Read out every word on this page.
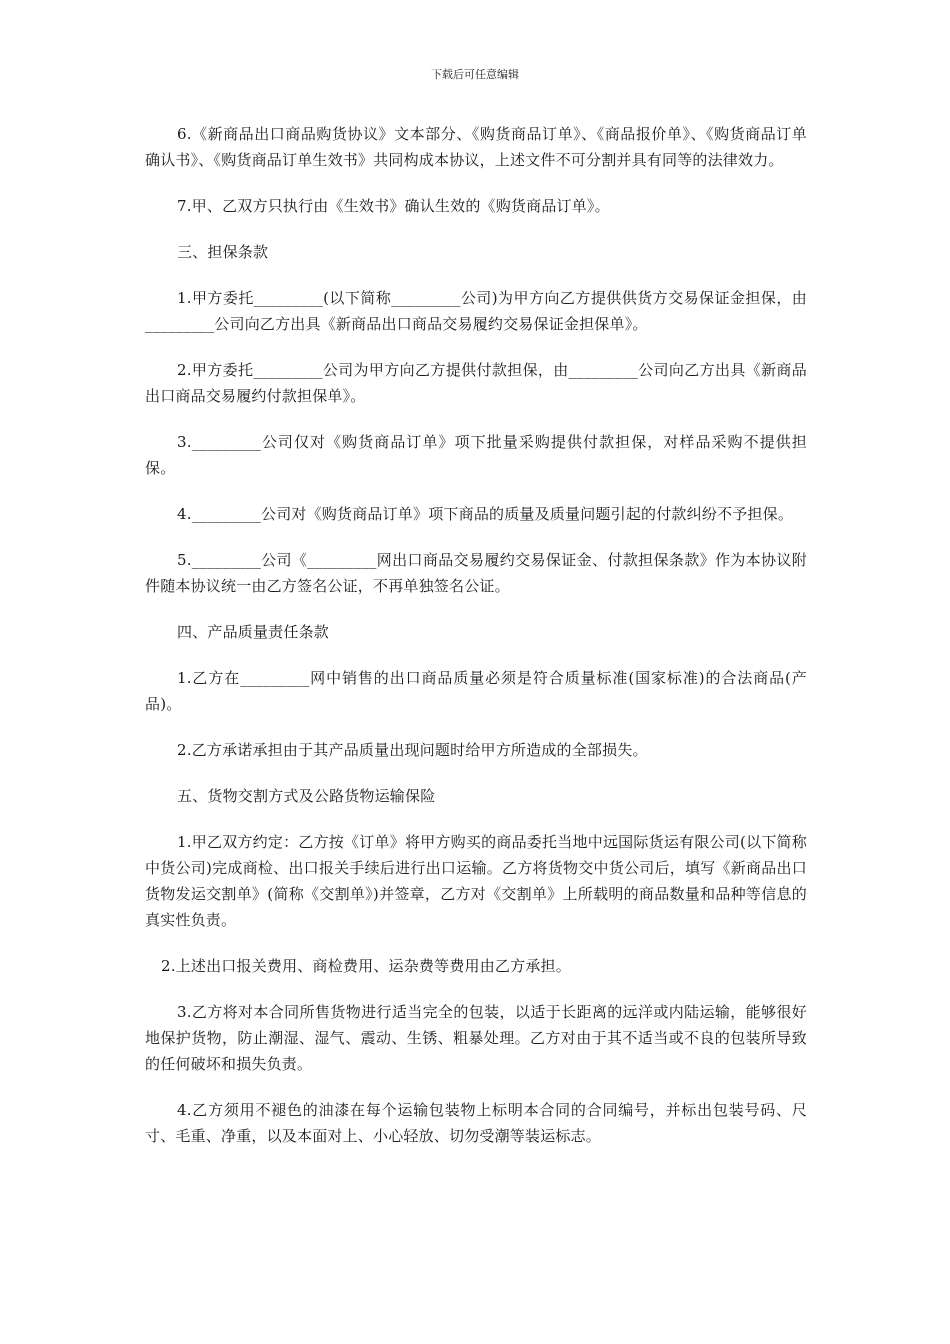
下载后可任意编辑

6.《新商品出口商品购货协议》文本部分、《购货商品订单》、《商品报价单》、《购货商品订单确认书》、《购货商品订单生效书》共同构成本协议，上述文件不可分割并具有同等的法律效力。

7.甲、乙双方只执行由《生效书》确认生效的《购货商品订单》。

三、担保条款

1.甲方委托_________(以下简称_________公司)为甲方向乙方提供供货方交易保证金担保，由_________公司向乙方出具《新商品出口商品交易履约交易保证金担保单》。

2.甲方委托_________公司为甲方向乙方提供付款担保，由_________公司向乙方出具《新商品出口商品交易履约付款担保单》。

3._________公司仅对《购货商品订单》项下批量采购提供付款担保，对样品采购不提供担保。

4._________公司对《购货商品订单》项下商品的质量及质量问题引起的付款纠纷不予担保。

5._________公司《_________网出口商品交易履约交易保证金、付款担保条款》作为本协议附件随本协议统一由乙方签名公证，不再单独签名公证。

四、产品质量责任条款

1.乙方在_________网中销售的出口商品质量必须是符合质量标准(国家标准)的合法商品(产品)。

2.乙方承诺承担由于其产品质量出现问题时给甲方所造成的全部损失。

五、货物交割方式及公路货物运输保险

1.甲乙双方约定：乙方按《订单》将甲方购买的商品委托当地中远国际货运有限公司(以下简称中货公司)完成商检、出口报关手续后进行出口运输。乙方将货物交中货公司后，填写《新商品出口货物发运交割单》(简称《交割单》)并签章，乙方对《交割单》上所载明的商品数量和品种等信息的真实性负责。

2.上述出口报关费用、商检费用、运杂费等费用由乙方承担。

3.乙方将对本合同所售货物进行适当完全的包装，以适于长距离的远洋或内陆运输，能够很好地保护货物，防止潮湿、湿气、震动、生锈、粗暴处理。乙方对由于其不适当或不良的包装所导致的任何破坏和损失负责。

4.乙方须用不褪色的油漆在每个运输包装物上标明本合同的合同编号，并标出包装号码、尺寸、毛重、净重，以及本面对上、小心轻放、切勿受潮等装运标志。
